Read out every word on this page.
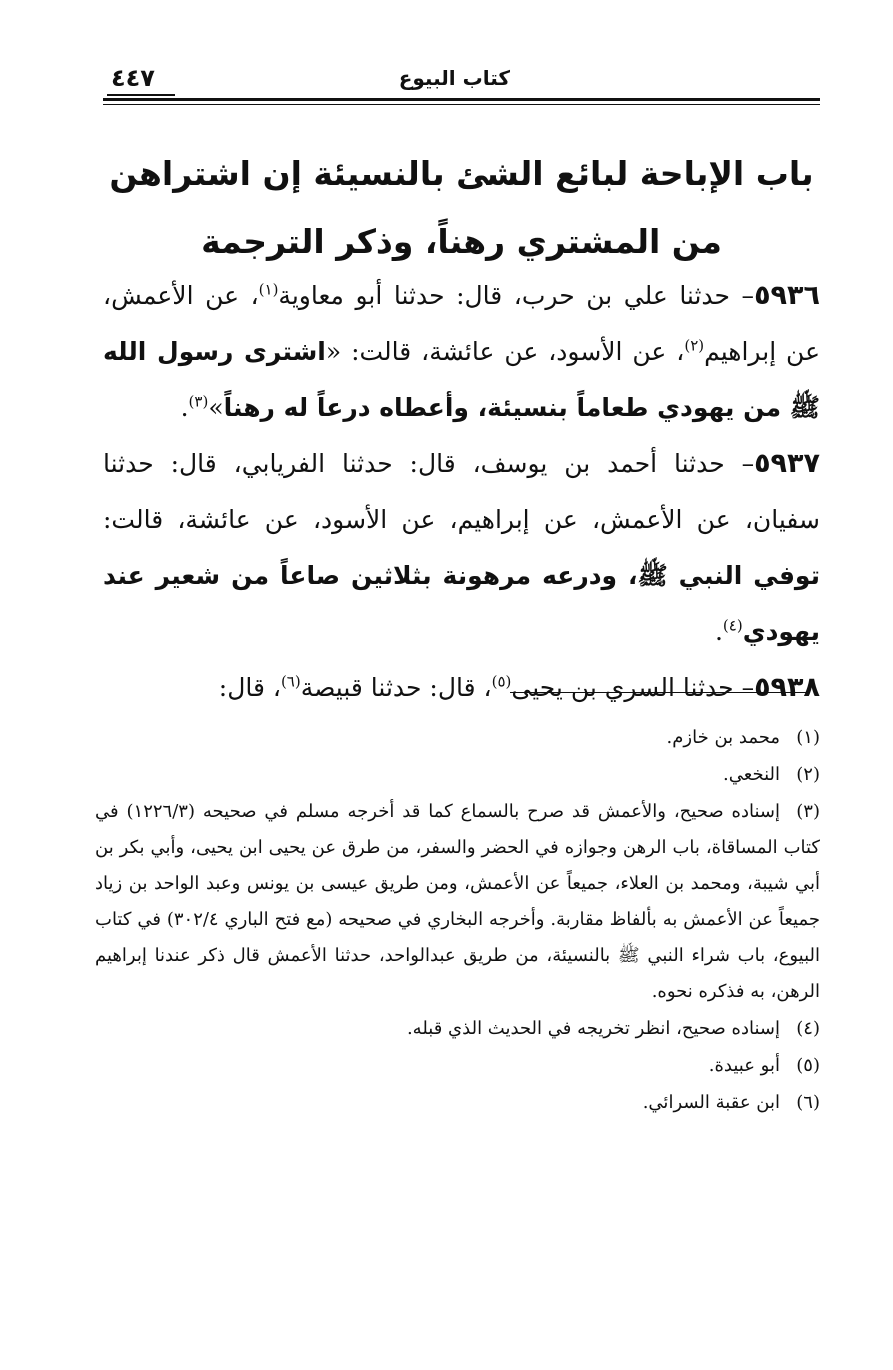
كتاب البيوع
٤٤٧
باب الإباحة لبائع الشئ بالنسيئة إن اشتراهن من المشتري رهناً، وذكر الترجمة

٥٩٣٦– حدثنا علي بن حرب، قال: حدثنا أبو معاوية$^{(١)}$، عن الأعمش، عن إبراهيم$^{(٢)}$، عن الأسود، عن عائشة، قالت: «اشترى رسول الله ﷺ من يهودي طعاماً بنسيئة، وأعطاه درعاً له رهناً»$^{(٣)}$.

٥٩٣٧– حدثنا أحمد بن يوسف، قال: حدثنا الفريابي، قال: حدثنا سفيان، عن الأعمش، عن إبراهيم، عن الأسود، عن عائشة، قالت: توفي النبي ﷺ، ودرعه مرهونة بثلاثين صاعاً من شعير عند يهودي$^{(٤)}$.

٥٩٣٨– حدثنا السري بن يحيى$^{(٥)}$، قال: حدثنا قبيصة$^{(٦)}$، قال:

(١)محمد بن خازم.

(٢)النخعي.

(٣)إسناده صحيح، والأعمش قد صرح بالسماع كما قد أخرجه مسلم في صحيحه (١٢٢٦/٣) في كتاب المساقاة، باب الرهن وجوازه في الحضر والسفر، من طرق عن يحيى ابن يحيى، وأبي بكر بن أبي شيبة، ومحمد بن العلاء، جميعاً عن الأعمش، ومن طريق عيسى بن يونس وعبد الواحد بن زياد جميعاً عن الأعمش به بألفاظ مقاربة. وأخرجه البخاري في صحيحه (مع فتح الباري ٣٠٢/٤) في كتاب البيوع، باب شراء النبي ﷺ بالنسيئة، من طريق عبدالواحد، حدثنا الأعمش قال ذكر عندنا إبراهيم الرهن، به فذكره نحوه.

(٤)إسناده صحيح، انظر تخريجه في الحديث الذي قبله.

(٥)أبو عبيدة.

(٦)ابن عقبة السرائي.
